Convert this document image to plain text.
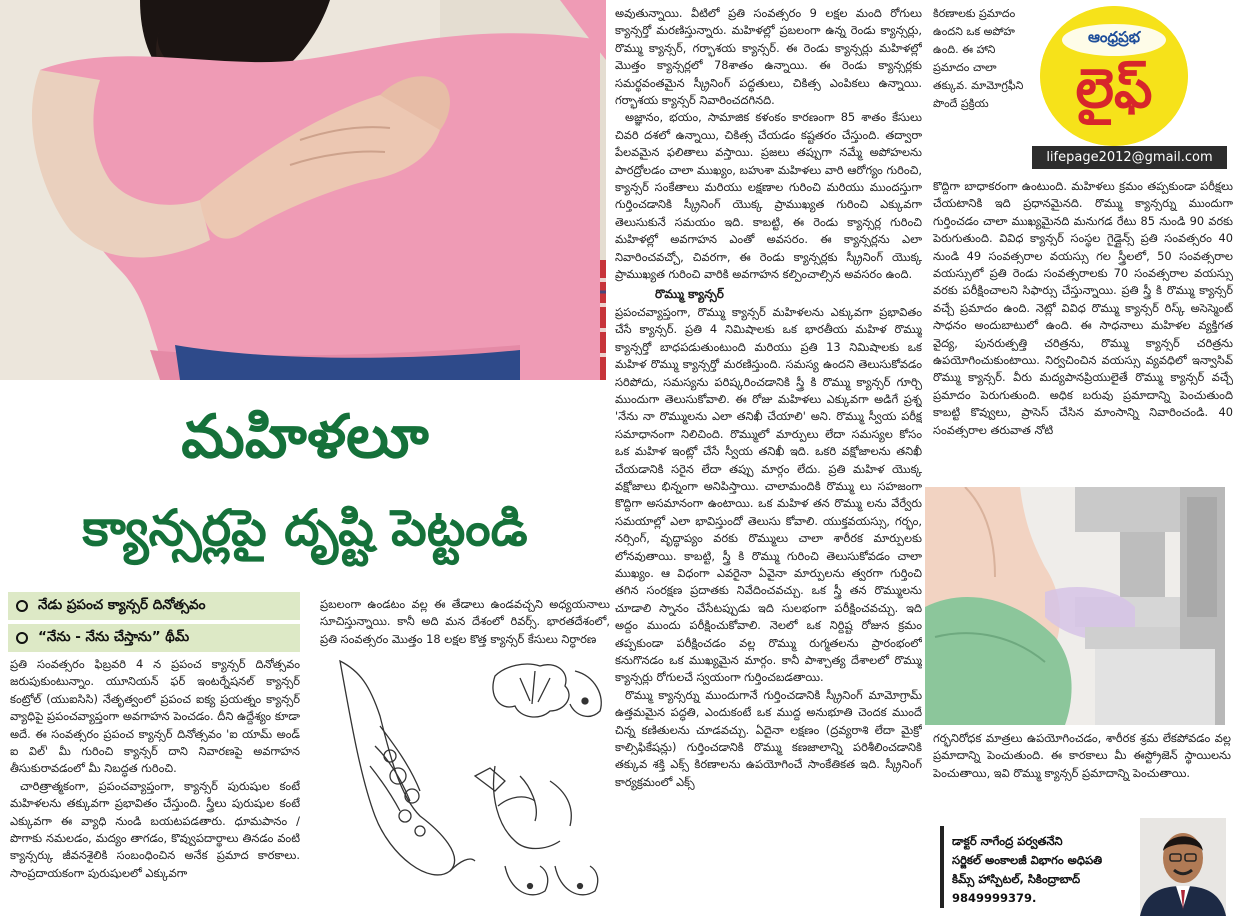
మహిళలూ
క్యాన్సర్లపై దృష్టి పెట్టండి
నేడు ప్రపంచ క్యాన్సర్ దినోత్సవం
“నేను - నేను చేస్తాను” థీమ్

ప్రతి సంవత్సరం ఫిబ్రవరి 4 న ప్రపంచ క్యాన్సర్ దినోత్సవం జరుపుకుంటున్నాం. యూనియన్ ఫర్ ఇంటర్నేషనల్ క్యాన్సర్ కంట్రోల్ (యుఐసిసి) నేతృత్వంలో ప్రపంచ ఐక్య ప్రయత్నం క్యాన్సర్ వ్యాధిపై ప్రపంచవ్యాప్తంగా అవగాహన పెంచడం. దీని ఉద్దేశ్యం కూడా అదే. ఈ సంవత్సరం ప్రపంచ క్యాన్సర్ దినోత్సవం 'ఐ యామ్ అండ్ ఐ విల్' మీ గురించి క్యాన్సర్ దాని నివారణపై అవగాహన తీసుకురావడంలో మీ నిబద్ధత గురించి.

చారిత్రాత్మకంగా, ప్రపంచవ్యాప్తంగా, క్యాన్సర్ పురుషుల కంటే మహిళలను తక్కువగా ప్రభావితం చేస్తుంది. స్త్రీలు పురుషుల కంటే ఎక్కువగా ఈ వ్యాధి నుండి బయటపడతారు. ధూమపానం / పొగాకు నమలడం, మద్యం తాగడం, కొవ్వుపదార్థాలు తినడం వంటి క్యాన్సర్కు జీవనశైలికి సంబంధించిన అనేక ప్రమాద కారకాలు. సాంప్రదాయకంగా పురుషులలో ఎక్కువగా

ప్రబలంగా ఉండటం వల్ల ఈ తేడాలు ఉండవచ్చని అధ్యయనాలు సూచిస్తున్నాయి. కానీ అది మన దేశంలో రివర్స్. భారతదేశంలో, ప్రతి సంవత్సరం మొత్తం 18 లక్షల కొత్త క్యాన్సర్ కేసులు నిర్ధారణ

అవుతున్నాయి. వీటిలో ప్రతి సంవత్సరం 9 లక్షల మంది రోగులు క్యాన్సర్తో మరణిస్తున్నారు. మహిళల్లో ప్రబలంగా ఉన్న రెండు క్యాన్సర్లు, రొమ్ము క్యాన్సర్, గర్భాశయ క్యాన్సర్. ఈ రెండు క్యాన్సర్లు మహిళల్లో మొత్తం క్యాన్సర్లలో 78శాతం ఉన్నాయి. ఈ రెండు క్యాన్సర్లకు సమర్థవంతమైన స్క్రీనింగ్ పద్ధతులు, చికిత్స ఎంపికలు ఉన్నాయి. గర్భాశయ క్యాన్సర్ నివారించదగినది.

అజ్ఞానం, భయం, సామాజిక కళంకం కారణంగా 85 శాతం కేసులు చివరి దశలో ఉన్నాయి, చికిత్స చేయడం కష్టతరం చేస్తుంది. తద్వారా పేలవమైన ఫలితాలు వస్తాయి. ప్రజలు తప్పుగా నమ్మే అపోహలను పారద్రోలడం చాలా ముఖ్యం, బహుశా మహిళలు వారి ఆరోగ్యం గురించి, క్యాన్సర్ సంకేతాలు మరియు లక్షణాల గురించి మరియు ముందస్తుగా గుర్తించడానికి స్క్రీనింగ్ యొక్క ప్రాముఖ్యత గురించి ఎక్కువగా తెలుసుకునే సమయం ఇది. కాబట్టి, ఈ రెండు క్యాన్సర్ల గురించి మహిళల్లో అవగాహన ఎంతో అవసరం. ఈ క్యాన్సర్లను ఎలా నివారించవచ్చో, చివరగా, ఈ రెండు క్యాన్సర్లకు స్క్రీనింగ్ యొక్క ప్రాముఖ్యత గురించి వారికి అవగాహన కల్పించాల్సిన అవసరం ఉంది.

రొమ్ము క్యాన్సర్

ప్రపంచవ్యాప్తంగా, రొమ్ము క్యాన్సర్ మహిళలను ఎక్కువగా ప్రభావితం చేసే క్యాన్సర్. ప్రతి 4 నిమిషాలకు ఒక భారతీయ మహిళ రొమ్ము క్యాన్సర్తో బాధపడుతుంటుంది మరియు ప్రతి 13 నిమిషాలకు ఒక మహిళ రొమ్ము క్యాన్సర్తో మరణిస్తుంది. సమస్య ఉందని తెలుసుకోవడం సరిపోదు, సమస్యను పరిష్కరించడానికి స్త్రీ కి రొమ్ము క్యాన్సర్ గూర్చి ముందుగా తెలుసుకోవాలి. ఈ రోజు మహిళలు ఎక్కువగా అడిగే ప్రశ్న 'నేను నా రొమ్ములను ఎలా తనిఖీ చేయాలి' అని. రొమ్ము స్వీయ పరీక్ష సమాధానంగా నిలిచింది. రొమ్ములో మార్పులు లేదా సమస్యల కోసం ఒక మహిళ ఇంట్లో చేసే స్వీయ తనిఖీ ఇది. ఒకరి వక్షోజాలను తనిఖీ చేయడానికి సరైన లేదా తప్పు మార్గం లేదు. ప్రతి మహిళ యొక్క వక్షోజాలు భిన్నంగా అనిపిస్తాయి. చాలామందికి రొమ్ము లు సహజంగా కొద్దిగా అసమానంగా ఉంటాయి. ఒక మహిళ తన రొమ్ము లను వేర్వేరు సమయాల్లో ఎలా భావిస్తుందో తెలుసు కోవాలి. యుక్తవయస్సు, గర్భం, నర్సింగ్, వృద్ధాప్యం వరకు రొమ్ములు చాలా శారీరక మార్పులకు లోనవుతాయి. కాబట్టి, స్త్రీ కి రొమ్ము గురించి తెలుసుకోవడం చాలా ముఖ్యం. ఆ విధంగా ఎవరైనా ఏవైనా మార్పులను త్వరగా గుర్తించి తగిన సంరక్షణ ప్రదాతకు నివేదించవచ్చు. ఒక స్త్రీ తన రొమ్ములను చూడాలి స్నానం చేసేటప్పుడు ఇది సులభంగా పరీక్షించవచ్చు. ఇది అద్దం ముందు పరీక్షించుకోవాలి. నెలలో ఒక నిర్దిష్ట రోజున క్రమం తప్పకుండా పరీక్షించడం వల్ల రొమ్ము రుగ్మతలను ప్రారంభంలో కనుగొనడం ఒక ముఖ్యమైన మార్గం. కానీ పాశ్చాత్య దేశాలలో రొమ్ము క్యాన్సర్లు రోగులచే స్వయంగా గుర్తించబడతాయి.

రొమ్ము క్యాన్సర్ను ముందుగానే గుర్తించడానికి స్క్రీనింగ్ మామోగ్రామ్ ఉత్తమమైన పద్ధతి, ఎందుకంటే ఒక ముద్ద అనుభూతి చెందక ముందే చిన్న కణితులను చూడవచ్చు. ఏదైనా లక్షణం (ద్రవ్యరాశి లేదా మైక్రో కాల్సిఫికేషన్లు) గుర్తించడానికి రొమ్ము కణజాలాన్ని పరిశీలించడానికి తక్కువ శక్తి ఎక్స్ కిరణాలను ఉపయోగించే సాంకేతికత ఇది. స్క్రీనింగ్ కార్యక్రమంలో ఎక్స్

కిరణాలకు ప్రమాదం ఉందని ఒక అపోహ ఉంది. ఈ హాని ప్రమాదం చాలా తక్కువ. మామోగ్రఫీని పొందే ప్రక్రియ

ఆంధ్రప్రభ
లైఫ్
lifepage2012@gmail.com

కొద్దిగా బాధాకరంగా ఉంటుంది. మహిళలు క్రమం తప్పకుండా పరీక్షలు చేయటానికి ఇది ప్రధానమైనది. రొమ్ము క్యాన్సర్ను ముందుగా గుర్తించడం చాలా ముఖ్యమైనది మనుగడ రేటు 85 నుండి 90 వరకు పెరుగుతుంది. వివిధ క్యాన్సర్ సంస్థల గైడ్లైన్స్ ప్రతి సంవత్సరం 40 నుండి 49 సంవత్సరాల వయస్సు గల స్త్రీలలో, 50 సంవత్సరాల వయస్సులో ప్రతి రెండు సంవత్సరాలకు 70 సంవత్సరాల వయస్సు వరకు పరీక్షించాలని సిఫార్సు చేస్తున్నాయి. ప్రతి స్త్రీ కి రొమ్ము క్యాన్సర్ వచ్చే ప్రమాదం ఉంది. నెట్లో వివిధ రొమ్ము క్యాన్సర్ రిస్క్ అసెస్మెంట్ సాధనం అందుబాటులో ఉంది. ఈ సాధనాలు మహిళల వ్యక్తిగత వైద్య, పునరుత్పత్తి చరిత్రను, రొమ్ము క్యాన్సర్ చరిత్రను ఉపయోగించుకుంటాయి. నిర్వచించిన వయస్సు వ్యవధిలో ఇన్వాసివ్ రొమ్ము క్యాన్సర్. వీరు మద్యపానప్రియులైతే రొమ్ము క్యాన్సర్ వచ్చే ప్రమాదం పెరుగుతుంది. అధిక బరువు ప్రమాదాన్ని పెంచుతుంది కాబట్టి కొవ్వులు, ప్రాసెస్ చేసిన మాంసాన్ని నివారించండి. 40 సంవత్సరాల తరువాత నోటి

గర్భనిరోధక మాత్రలు ఉపయోగించడం, శారీరక శ్రమ లేకపోవడం వల్ల ప్రమాదాన్ని పెంచుతుంది. ఈ కారకాలు మీ ఈస్ట్రోజెన్ స్థాయిలను పెంచుతాయి, ఇవి రొమ్ము క్యాన్సర్ ప్రమాదాన్ని పెంచుతాయి.

డాక్టర్ నాగేంద్ర పర్వతనేని
సర్జికల్ అంకాలజీ విభాగం అధిపతి
కిమ్స్ హాస్పిటల్, సికింద్రాబాద్
9849999379.
